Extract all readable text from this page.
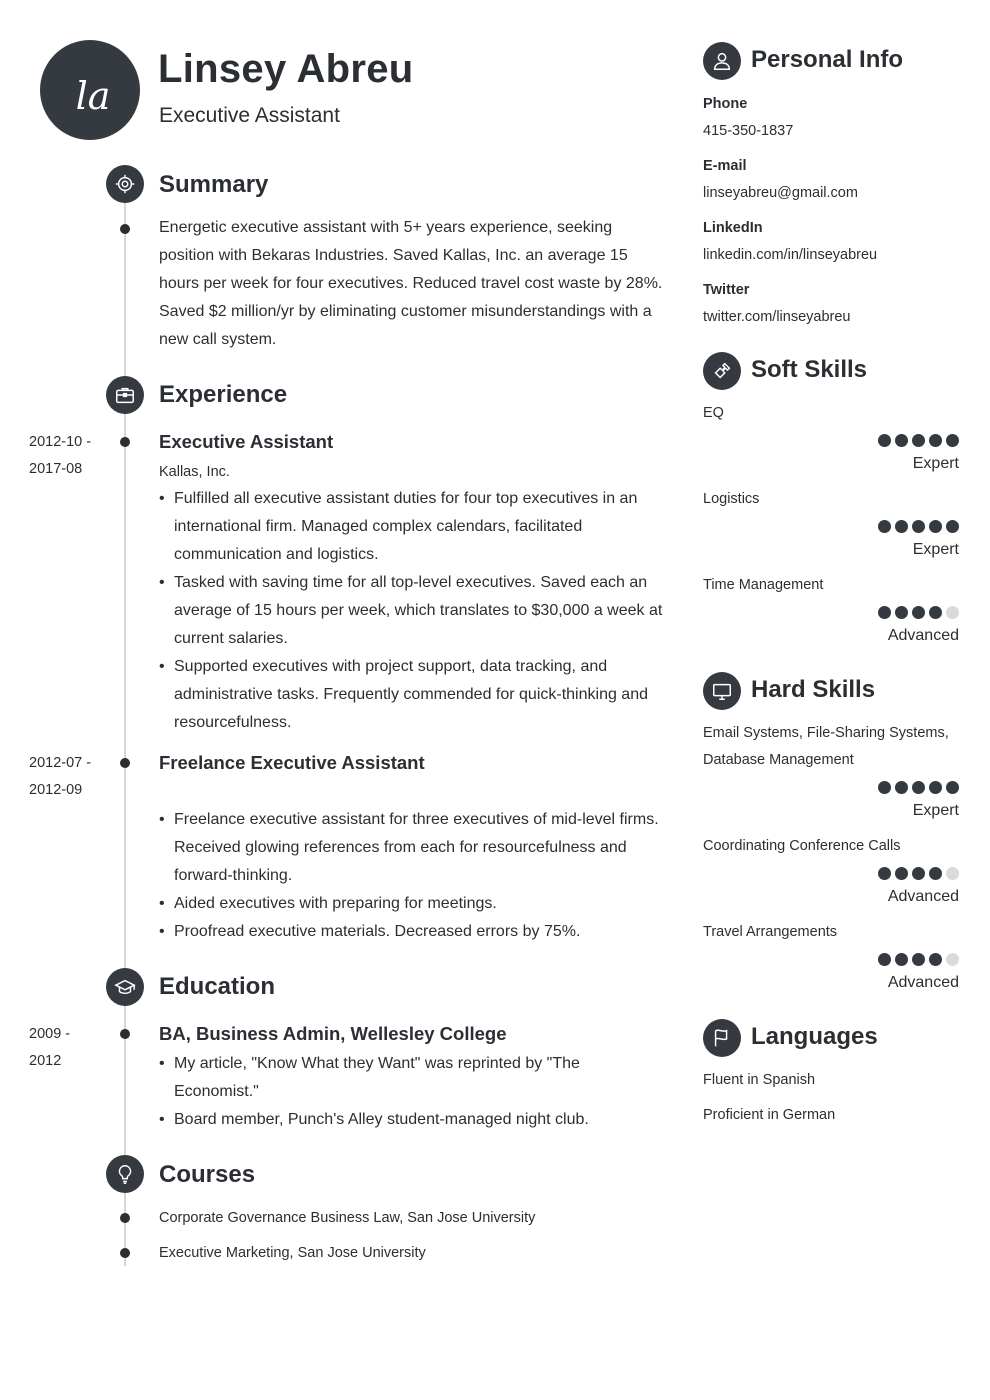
la
Linsey Abreu
Executive Assistant
Summary
Energetic executive assistant with 5+ years experience, seeking position with Bekaras Industries. Saved Kallas, Inc. an average 15 hours per week for four executives. Reduced travel cost waste by 28%. Saved $2 million/yr by eliminating customer misunderstandings with a new call system.
Experience
2012-10 -
2017-08
Executive Assistant
Kallas, Inc.
• Fulfilled all executive assistant duties for four top executives in an international firm. Managed complex calendars, facilitated communication and logistics.
• Tasked with saving time for all top-level executives. Saved each an average of 15 hours per week, which translates to $30,000 a week at current salaries.
• Supported executives with project support, data tracking, and administrative tasks. Frequently commended for quick-thinking and resourcefulness.
2012-07 -
2012-09
Freelance Executive Assistant
• Freelance executive assistant for three executives of mid-level firms. Received glowing references from each for resourcefulness and forward-thinking.
• Aided executives with preparing for meetings.
• Proofread executive materials. Decreased errors by 75%.
Education
2009 -
2012
BA, Business Admin, Wellesley College
• My article, "Know What they Want" was reprinted by "The Economist."
• Board member, Punch's Alley student-managed night club.
Courses
Corporate Governance Business Law, San Jose University
Executive Marketing, San Jose University
Personal Info
Phone
415-350-1837
E-mail
linseyabreu@gmail.com
LinkedIn
linkedin.com/in/linseyabreu
Twitter
twitter.com/linseyabreu
Soft Skills
EQ
Expert
Logistics
Expert
Time Management
Advanced
Hard Skills
Email Systems, File-Sharing Systems, Database Management
Expert
Coordinating Conference Calls
Advanced
Travel Arrangements
Advanced
Languages
Fluent in Spanish
Proficient in German
